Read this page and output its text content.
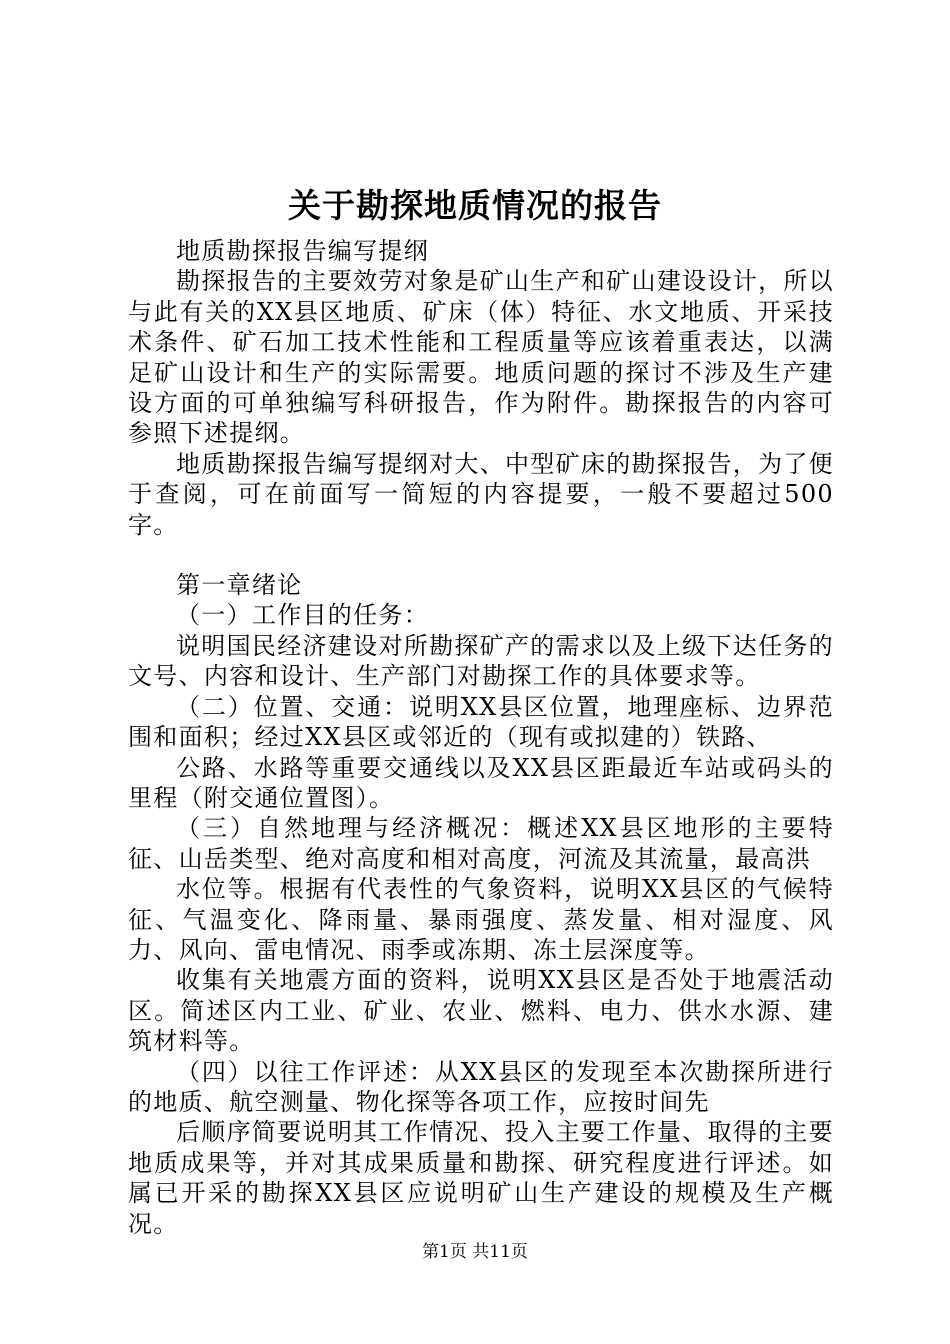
关于勘探地质情况的报告

地质勘探报告编写提纲

勘探报告的主要效劳对象是矿山生产和矿山建设设计，所以与此有关的XX县区地质、矿床（体）特征、水文地质、开采技术条件、矿石加工技术性能和工程质量等应该着重表达，以满足矿山设计和生产的实际需要。地质问题的探讨不涉及生产建设方面的可单独编写科研报告，作为附件。勘探报告的内容可参照下述提纲。

地质勘探报告编写提纲对大、中型矿床的勘探报告，为了便于查阅，可在前面写一简短的内容提要，一般不要超过500字。

第一章绪论

（一）工作目的任务：

说明国民经济建设对所勘探矿产的需求以及上级下达任务的文号、内容和设计、生产部门对勘探工作的具体要求等。

（二）位置、交通：说明XX县区位置，地理座标、边界范围和面积；经过XX县区或邻近的（现有或拟建的）铁路、

公路、水路等重要交通线以及XX县区距最近车站或码头的里程（附交通位置图）。

（三）自然地理与经济概况：概述XX县区地形的主要特征、山岳类型、绝对高度和相对高度，河流及其流量，最高洪

水位等。根据有代表性的气象资料，说明XX县区的气候特征、气温变化、降雨量、暴雨强度、蒸发量、相对湿度、风力、风向、雷电情况、雨季或冻期、冻土层深度等。

收集有关地震方面的资料，说明XX县区是否处于地震活动区。简述区内工业、矿业、农业、燃料、电力、供水水源、建筑材料等。

（四）以往工作评述：从XX县区的发现至本次勘探所进行的地质、航空测量、物化探等各项工作，应按时间先

后顺序简要说明其工作情况、投入主要工作量、取得的主要地质成果等，并对其成果质量和勘探、研究程度进行评述。如属已开采的勘探XX县区应说明矿山生产建设的规模及生产概况。

第1页 共11页
